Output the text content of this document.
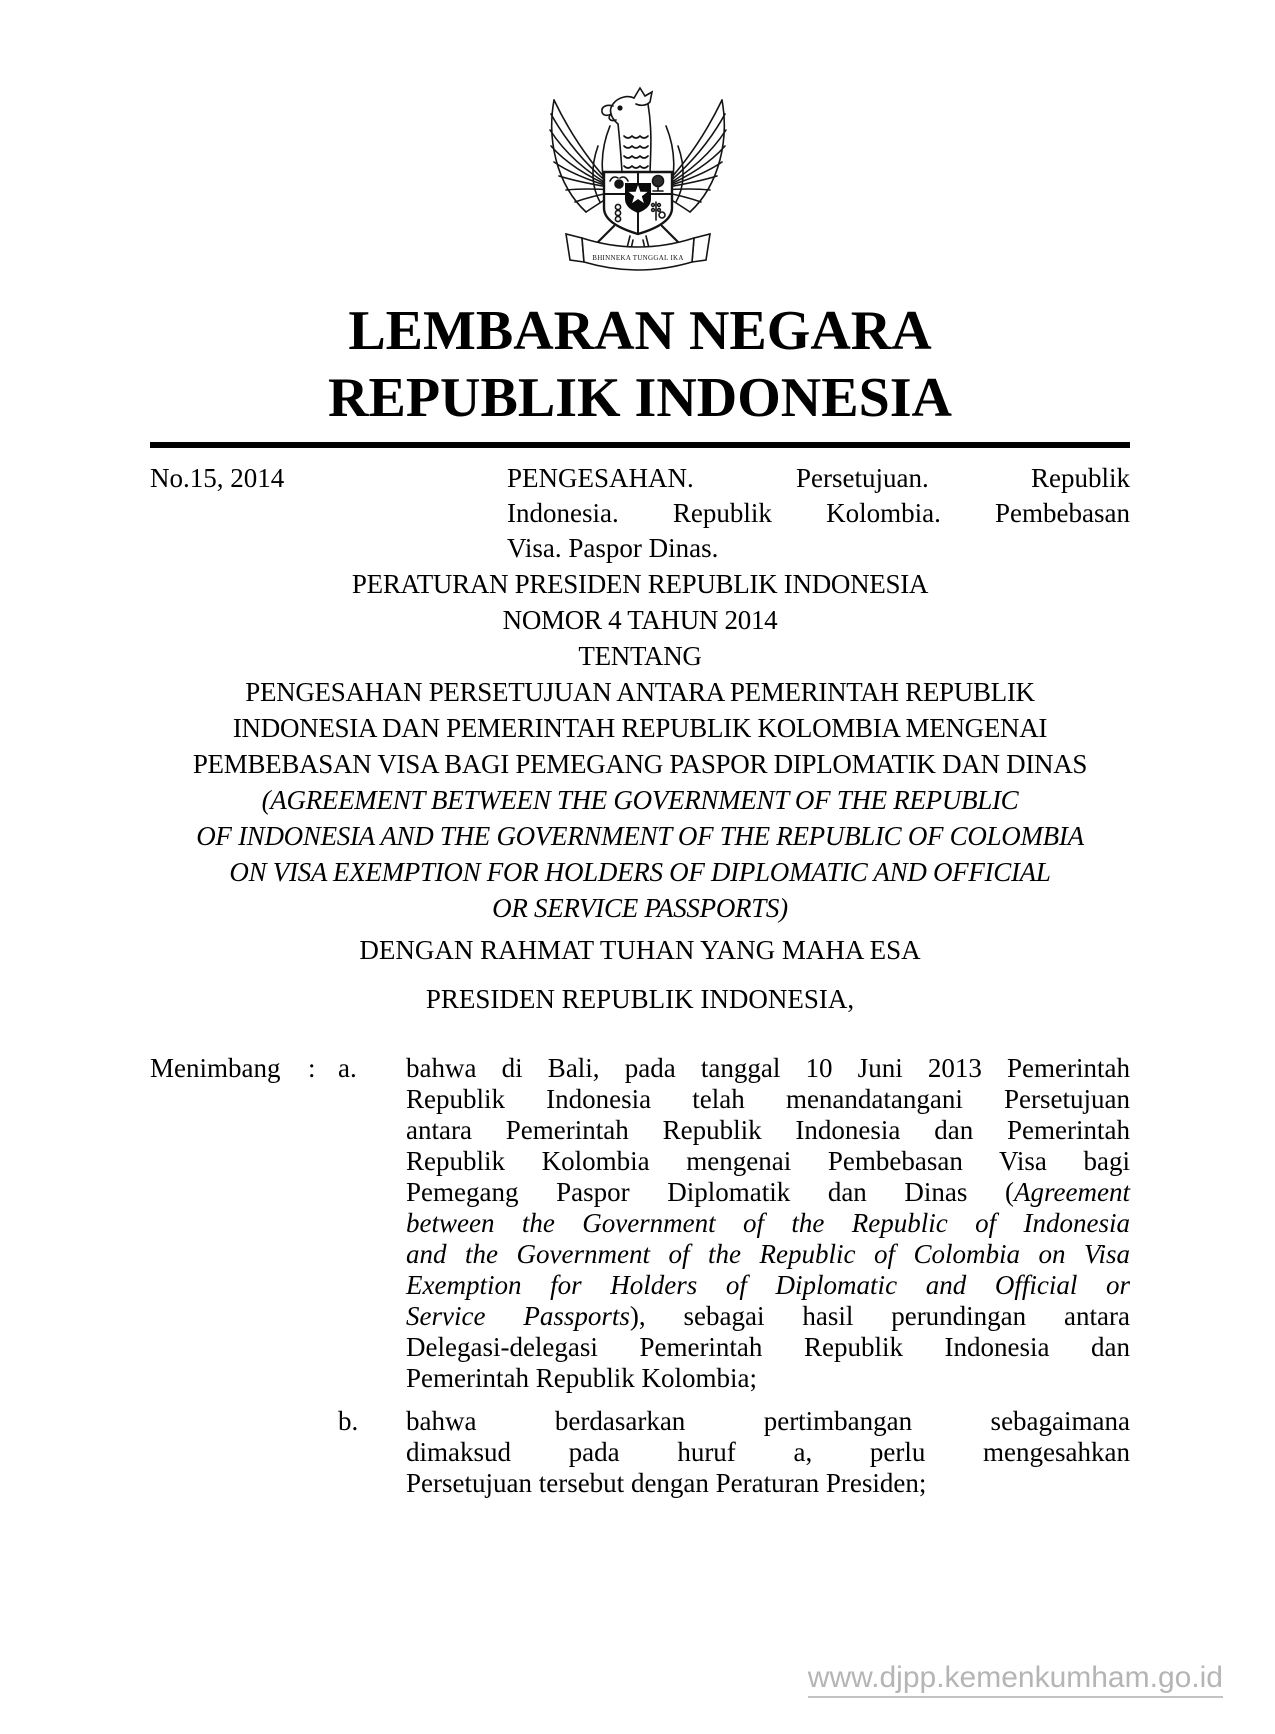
BHINNEKA TUNGGAL IKA
LEMBARAN NEGARA
REPUBLIK INDONESIA
No.15, 2014	PENGESAHAN. Persetujuan. Republik
Indonesia. Republik Kolombia. Pembebasan
Visa. Paspor Dinas.
PERATURAN PRESIDEN REPUBLIK INDONESIA
NOMOR 4 TAHUN 2014
TENTANG
PENGESAHAN PERSETUJUAN ANTARA PEMERINTAH REPUBLIK
INDONESIA DAN PEMERINTAH REPUBLIK KOLOMBIA MENGENAI
PEMBEBASAN VISA BAGI PEMEGANG PASPOR DIPLOMATIK DAN DINAS
(AGREEMENT BETWEEN THE GOVERNMENT OF THE REPUBLIC
OF INDONESIA AND THE GOVERNMENT OF THE REPUBLIC OF COLOMBIA
ON VISA EXEMPTION FOR HOLDERS OF DIPLOMATIC AND OFFICIAL
OR SERVICE PASSPORTS)
DENGAN RAHMAT TUHAN YANG MAHA ESA
PRESIDEN REPUBLIK INDONESIA,
Menimbang	: a.
b.
bahwa di Bali, pada tanggal 10 Juni 2013 Pemerintah
Republik Indonesia telah menandatangani Persetujuan
antara Pemerintah Republik Indonesia dan Pemerintah
Republik Kolombia mengenai Pembebasan Visa bagi
Pemegang Paspor Diplomatik dan Dinas (Agreement
between the Government of the Republic of Indonesia
and the Government of the Republic of Colombia on Visa
Exemption for Holders of Diplomatic and Official or
Service Passports), sebagai hasil perundingan antara
Delegasi-delegasi Pemerintah Republik Indonesia dan
Pemerintah Republik Kolombia;
bahwa berdasarkan pertimbangan sebagaimana
dimaksud pada huruf a, perlu mengesahkan
Persetujuan tersebut dengan Peraturan Presiden;
www.djpp.kemenkumham.go.id
